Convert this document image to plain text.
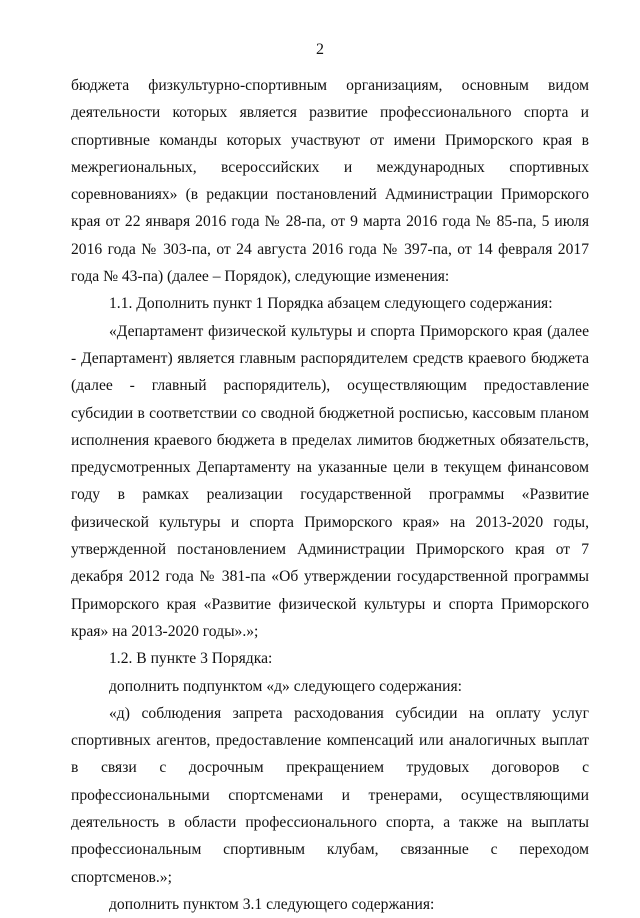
2

бюджета физкультурно-спортивным организациям, основным видом деятельности которых является развитие профессионального спорта и спортивные команды которых участвуют от имени Приморского края в межрегиональных, всероссийских и международных спортивных соревнованиях» (в редакции постановлений Администрации Приморского края от 22 января 2016 года № 28-па, от 9 марта 2016 года № 85-па, 5 июля 2016 года № 303-па, от 24 августа 2016 года № 397-па, от 14 февраля 2017 года № 43-па) (далее – Порядок), следующие изменения:

1.1. Дополнить пункт 1 Порядка абзацем следующего содержания:

«Департамент физической культуры и спорта Приморского края (далее - Департамент) является главным распорядителем средств краевого бюджета (далее - главный распорядитель), осуществляющим предоставление субсидии в соответствии со сводной бюджетной росписью, кассовым планом исполнения краевого бюджета в пределах лимитов бюджетных обязательств, предусмотренных Департаменту на указанные цели в текущем финансовом году в рамках реализации государственной программы «Развитие физической культуры и спорта Приморского края» на 2013-2020 годы, утвержденной постановлением Администрации Приморского края от 7 декабря 2012 года № 381-па «Об утверждении государственной программы Приморского края «Развитие физической культуры и спорта Приморского края» на 2013-2020 годы».»;

1.2. В пункте 3 Порядка:

дополнить подпунктом «д» следующего содержания:

«д) соблюдения запрета расходования субсидии на оплату услуг спортивных агентов, предоставление компенсаций или аналогичных выплат в связи с досрочным прекращением трудовых договоров с профессиональными спортсменами и тренерами, осуществляющими деятельность в области профессионального спорта, а также на выплаты профессиональным спортивным клубам, связанные с переходом спортсменов.»;

дополнить пунктом 3.1 следующего содержания:
